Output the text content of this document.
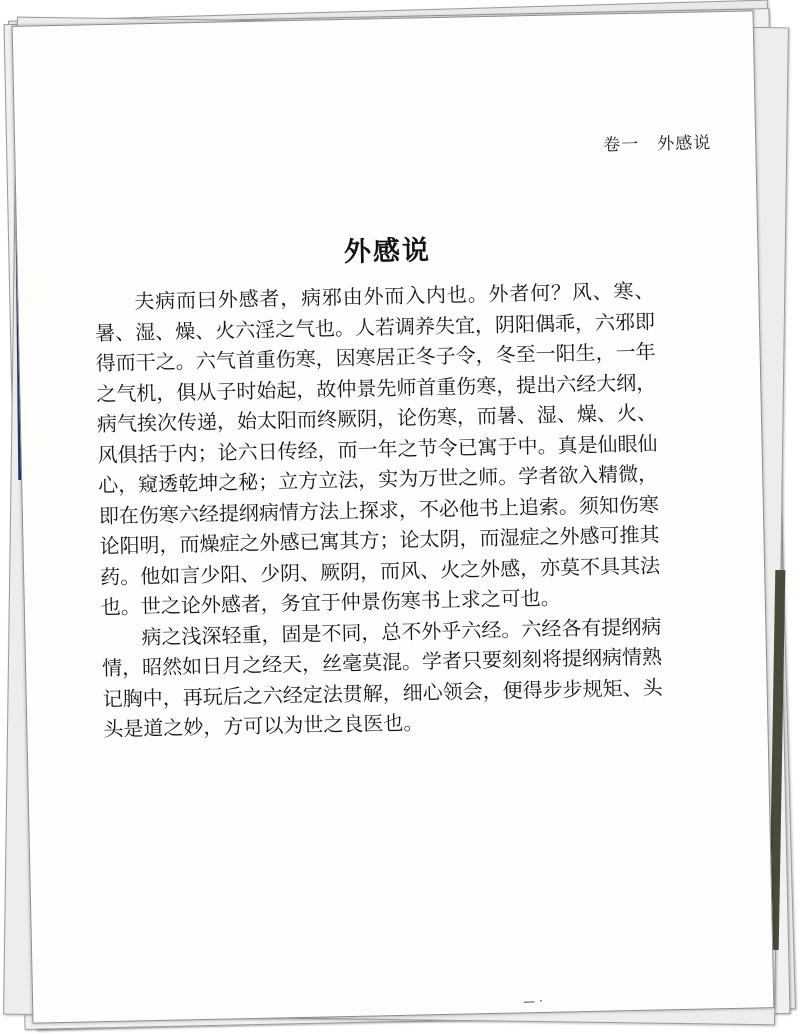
卷一 外感说
外感说

夫病而曰外感者，病邪由外而入内也。外者何？风、寒、暑、湿、燥、火六淫之气也。人若调养失宜，阴阳偶乖，六邪即得而干之。六气首重伤寒，因寒居正冬子令，冬至一阳生，一年之气机，俱从子时始起，故仲景先师首重伤寒，提出六经大纲，病气挨次传递，始太阳而终厥阴，论伤寒，而暑、湿、燥、火、风俱括于内；论六日传经，而一年之节令已寓于中。真是仙眼仙心，窥透乾坤之秘；立方立法，实为万世之师。学者欲入精微，即在伤寒六经提纲病情方法上探求，不必他书上追索。须知伤寒论阳明，而燥症之外感已寓其方；论太阴，而湿症之外感可推其药。他如言少阳、少阴、厥阴，而风、火之外感，亦莫不具其法也。世之论外感者，务宜于仲景伤寒书上求之可也。

病之浅深轻重，固是不同，总不外乎六经。六经各有提纲病情，昭然如日月之经天，丝毫莫混。学者只要刻刻将提纲病情熟记胸中，再玩后之六经定法贯解，细心领会，便得步步规矩、头头是道之妙，方可以为世之良医也。

— ·
